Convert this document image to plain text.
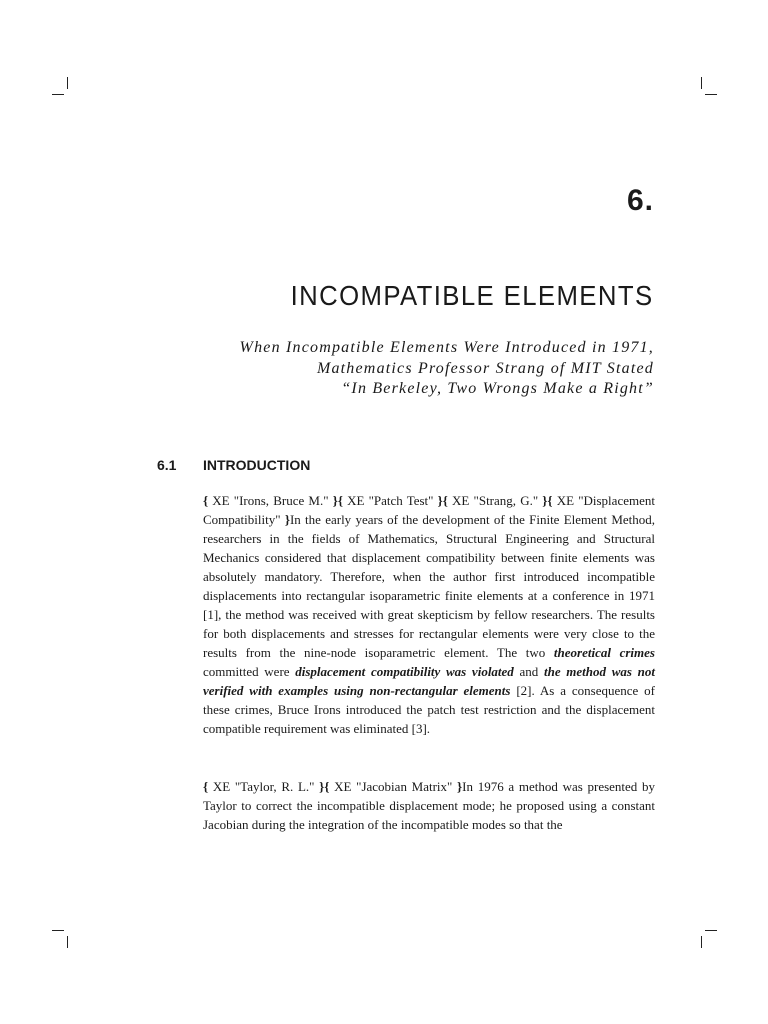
6.
INCOMPATIBLE ELEMENTS
When Incompatible Elements Were Introduced in 1971,
Mathematics Professor Strang of MIT Stated
“In Berkeley, Two Wrongs Make a Right”
6.1 INTRODUCTION
{ XE "Irons, Bruce M." }{ XE "Patch Test" }{ XE "Strang, G." }{ XE "Displacement Compatibility" }In the early years of the development of the Finite Element Method, researchers in the fields of Mathematics, Structural Engineering and Structural Mechanics considered that displacement compatibility between finite elements was absolutely mandatory. Therefore, when the author first introduced incompatible displacements into rectangular isoparametric finite elements at a conference in 1971 [1], the method was received with great skepticism by fellow researchers. The results for both displacements and stresses for rectangular elements were very close to the results from the nine-node isoparametric element. The two theoretical crimes committed were displacement compatibility was violated and the method was not verified with examples using non-rectangular elements [2]. As a consequence of these crimes, Bruce Irons introduced the patch test restriction and the displacement compatible requirement was eliminated [3].
{ XE "Taylor, R. L." }{ XE "Jacobian Matrix" }In 1976 a method was presented by Taylor to correct the incompatible displacement mode; he proposed using a constant Jacobian during the integration of the incompatible modes so that the
